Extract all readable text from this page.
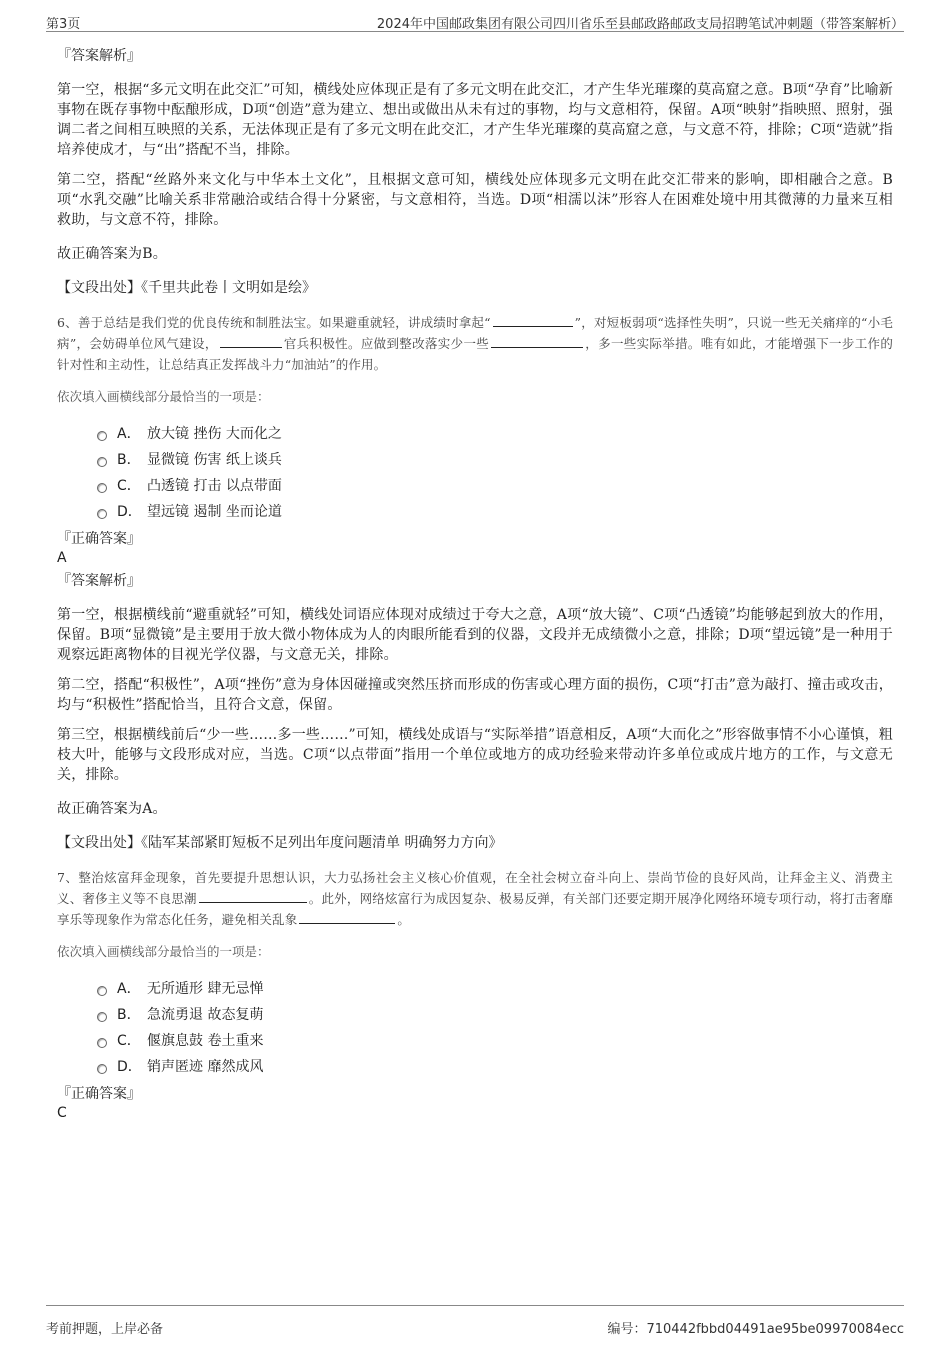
第3页	2024年中国邮政集团有限公司四川省乐至县邮政路邮政支局招聘笔试冲刺题（带答案解析）

『答案解析』

第一空，根据“多元文明在此交汇”可知，横线处应体现正是有了多元文明在此交汇，才产生华光璀璨的莫高窟之意。B项“孕育”比喻新事物在既存事物中酝酿形成，D项“创造”意为建立、想出或做出从未有过的事物，均与文意相符，保留。A项“映射”指映照、照射，强调二者之间相互映照的关系，无法体现正是有了多元文明在此交汇，才产生华光璀璨的莫高窟之意，与文意不符，排除；C项“造就”指培养使成才，与“出”搭配不当，排除。

第二空，搭配“丝路外来文化与中华本土文化”，且根据文意可知，横线处应体现多元文明在此交汇带来的影响，即相融合之意。B项“水乳交融”比喻关系非常融洽或结合得十分紧密，与文意相符，当选。D项“相濡以沫”形容人在困难处境中用其微薄的力量来互相救助，与文意不符，排除。

故正确答案为B。

【文段出处】《千里共此卷丨文明如是绘》

6、善于总结是我们党的优良传统和制胜法宝。如果避重就轻，讲成绩时拿起“	”，对短板弱项“选择性失明”，只说一些无关痛痒的“小毛病”，会妨碍单位风气建设，	官兵积极性。应做到整改落实少一些	，多一些实际举措。唯有如此，才能增强下一步工作的针对性和主动性，让总结真正发挥战斗力“加油站”的作用。

依次填入画横线部分最恰当的一项是：

A． 放大镜 挫伤 大而化之
B． 显微镜 伤害 纸上谈兵
C． 凸透镜 打击 以点带面
D． 望远镜 遏制 坐而论道

『正确答案』

A

『答案解析』

第一空，根据横线前“避重就轻”可知，横线处词语应体现对成绩过于夸大之意，A项“放大镜”、C项“凸透镜”均能够起到放大的作用，保留。B项“显微镜”是主要用于放大微小物体成为人的肉眼所能看到的仪器，文段并无成绩微小之意，排除；D项“望远镜”是一种用于观察远距离物体的目视光学仪器，与文意无关，排除。

第二空，搭配“积极性”，A项“挫伤”意为身体因碰撞或突然压挤而形成的伤害或心理方面的损伤，C项“打击”意为敲打、撞击或攻击，均与“积极性”搭配恰当，且符合文意，保留。

第三空，根据横线前后“少一些……多一些……”可知，横线处成语与“实际举措”语意相反，A项“大而化之”形容做事情不小心谨慎，粗枝大叶，能够与文段形成对应，当选。C项“以点带面”指用一个单位或地方的成功经验来带动许多单位或成片地方的工作，与文意无关，排除。

故正确答案为A。

【文段出处】《陆军某部紧盯短板不足列出年度问题清单 明确努力方向》

7、整治炫富拜金现象，首先要提升思想认识，大力弘扬社会主义核心价值观，在全社会树立奋斗向上、崇尚节俭的良好风尚，让拜金主义、消费主义、奢侈主义等不良思潮	。此外，网络炫富行为成因复杂、极易反弹，有关部门还要定期开展净化网络环境专项行动，将打击奢靡享乐等现象作为常态化任务，避免相关乱象	。

依次填入画横线部分最恰当的一项是：

A． 无所遁形 肆无忌惮
B． 急流勇退 故态复萌
C． 偃旗息鼓 卷土重来
D． 销声匿迹 靡然成风

『正确答案』

C

考前押题，上岸必备	编号：710442fbbd04491ae95be09970084ecc
